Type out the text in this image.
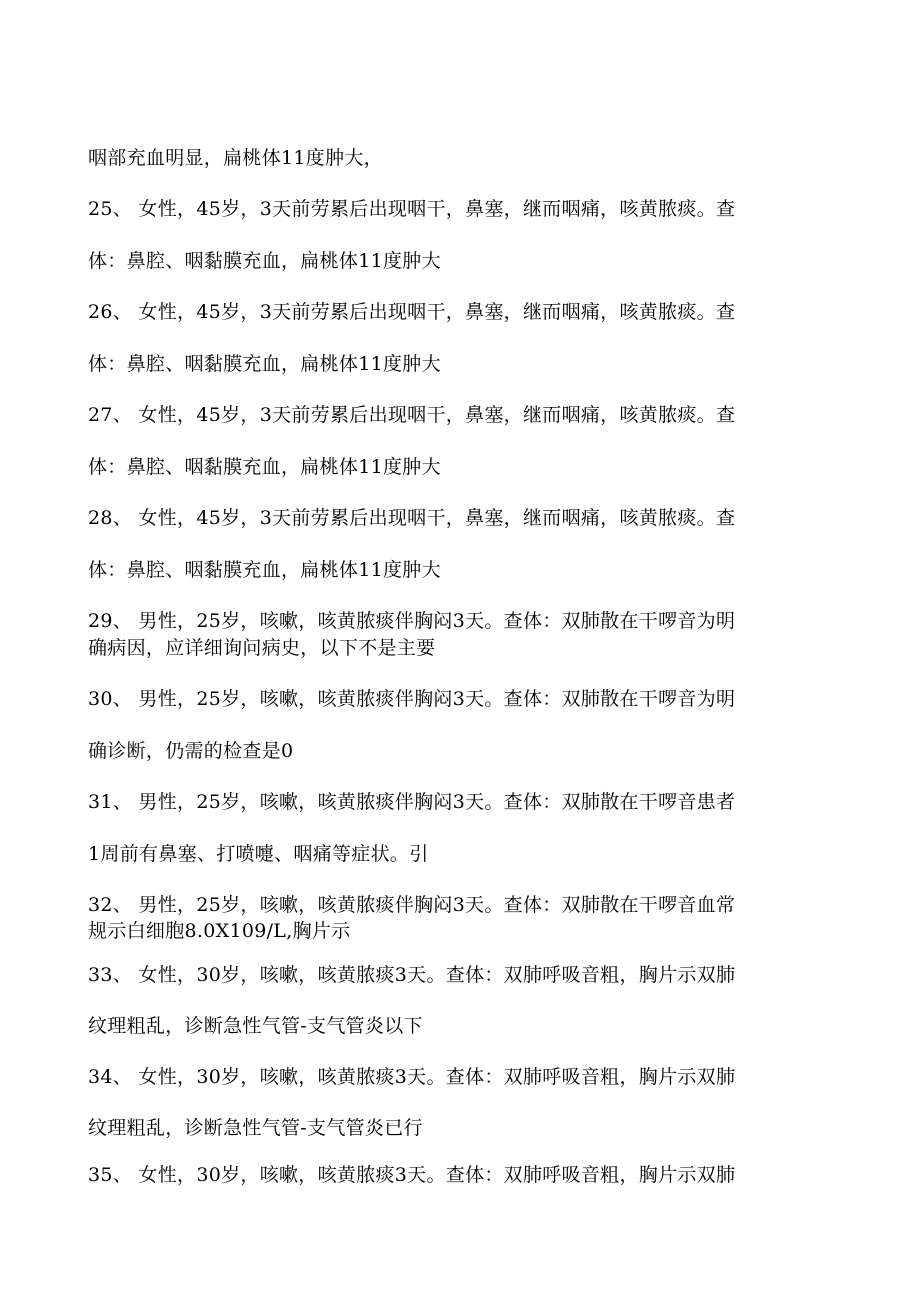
咽部充血明显，扁桃体11度肿大，
25、 女性，45岁，3天前劳累后出现咽干，鼻塞，继而咽痛，咳黄脓痰。查
体：鼻腔、咽黏膜充血，扁桃体11度肿大
26、 女性，45岁，3天前劳累后出现咽干，鼻塞，继而咽痛，咳黄脓痰。查
体：鼻腔、咽黏膜充血，扁桃体11度肿大
27、 女性，45岁，3天前劳累后出现咽干，鼻塞，继而咽痛，咳黄脓痰。查
体：鼻腔、咽黏膜充血，扁桃体11度肿大
28、 女性，45岁，3天前劳累后出现咽干，鼻塞，继而咽痛，咳黄脓痰。查
体：鼻腔、咽黏膜充血，扁桃体11度肿大
29、 男性，25岁，咳嗽，咳黄脓痰伴胸闷3天。查体：双肺散在干啰音为明
确病因，应详细询问病史，以下不是主要
30、 男性，25岁，咳嗽，咳黄脓痰伴胸闷3天。查体：双肺散在干啰音为明
确诊断，仍需的检查是0
31、 男性，25岁，咳嗽，咳黄脓痰伴胸闷3天。查体：双肺散在干啰音患者
1周前有鼻塞、打喷嚏、咽痛等症状。引
32、 男性，25岁，咳嗽，咳黄脓痰伴胸闷3天。查体：双肺散在干啰音血常
规示白细胞8.0X109/L,胸片示
33、 女性，30岁，咳嗽，咳黄脓痰3天。查体：双肺呼吸音粗，胸片示双肺
纹理粗乱，诊断急性气管-支气管炎以下
34、 女性，30岁，咳嗽，咳黄脓痰3天。查体：双肺呼吸音粗，胸片示双肺
纹理粗乱，诊断急性气管-支气管炎已行
35、 女性，30岁，咳嗽，咳黄脓痰3天。查体：双肺呼吸音粗，胸片示双肺
